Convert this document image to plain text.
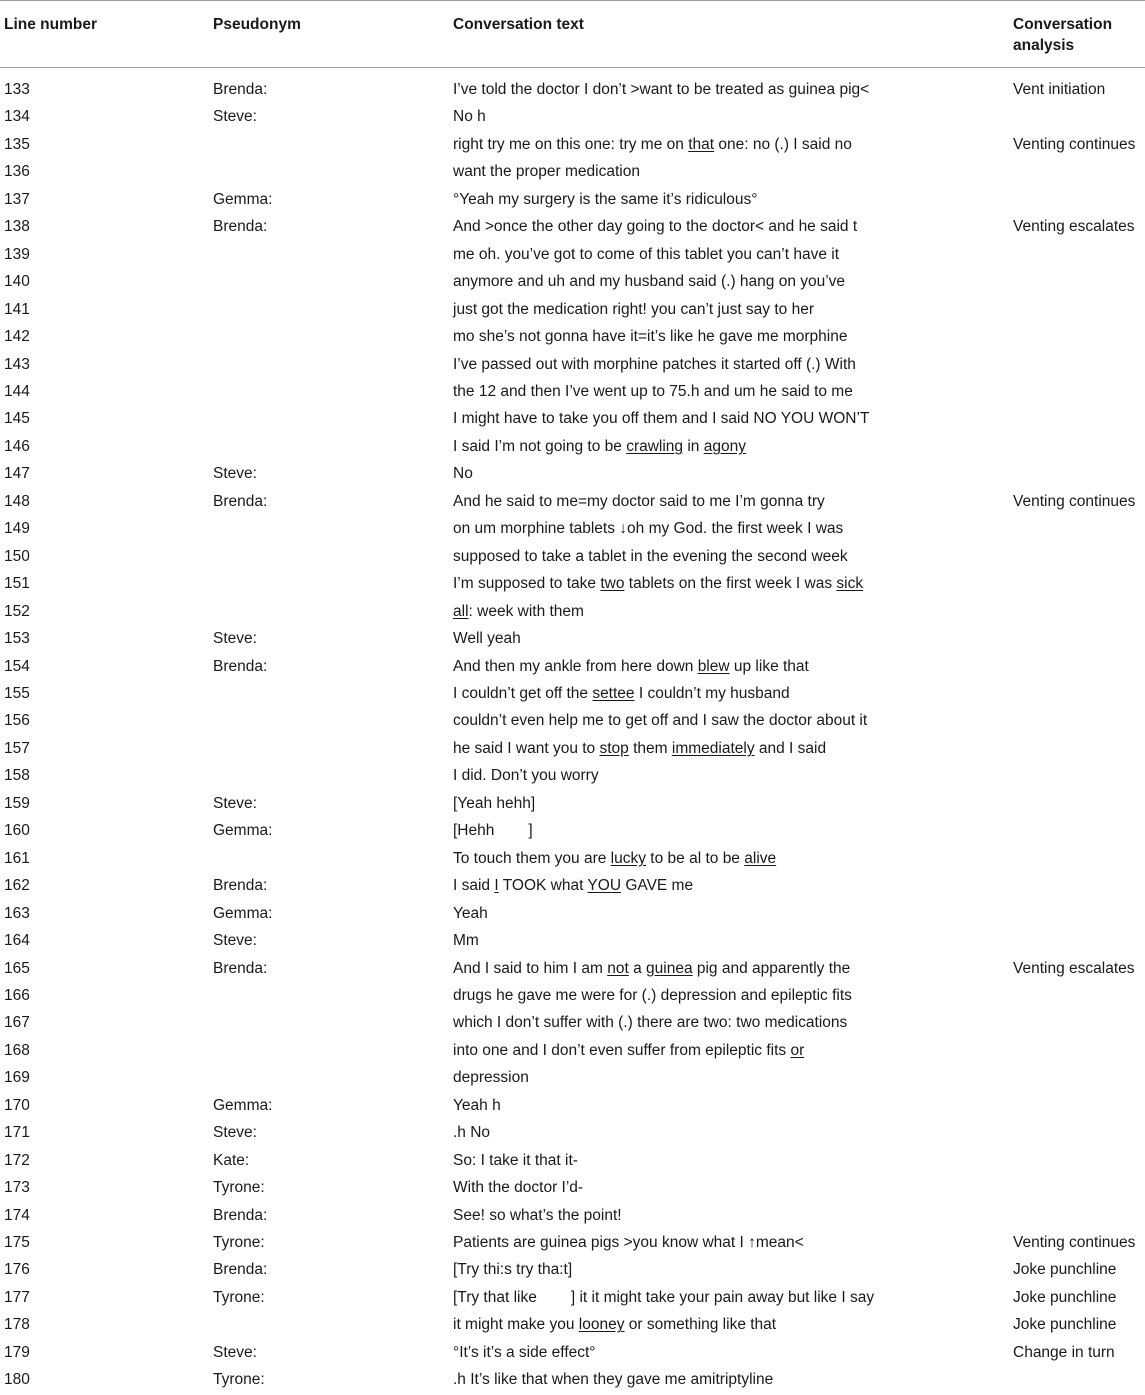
Line number	Pseudonym	Conversation text	Conversation analysis
133	Brenda:	I’ve told the doctor I don’t >want to be treated as guinea pig<	Vent initiation
134	Steve:	No h	
135		right try me on this one: try me on that one: no (.) I said no	Venting continues
136		want the proper medication	
137	Gemma:	°Yeah my surgery is the same it’s ridiculous°	
138	Brenda:	And >once the other day going to the doctor< and he said t	Venting escalates
139		me oh. you’ve got to come of this tablet you can’t have it	
140		anymore and uh and my husband said (.) hang on you’ve	
141		just got the medication right! you can’t just say to her	
142		mo she’s not gonna have it=it’s like he gave me morphine	
143		I’ve passed out with morphine patches it started off (.) With	
144		the 12 and then I’ve went up to 75.h and um he said to me	
145		I might have to take you off them and I said NO YOU WON’T	
146		I said I’m not going to be crawling in agony	
147	Steve:	No	
148	Brenda:	And he said to me=my doctor said to me I’m gonna try	Venting continues
149		on um morphine tablets ↓oh my God. the first week I was	
150		supposed to take a tablet in the evening the second week	
151		I’m supposed to take two tablets on the first week I was sick	
152		all: week with them	
153	Steve:	Well yeah	
154	Brenda:	And then my ankle from here down blew up like that	
155		I couldn’t get off the settee I couldn’t my husband	
156		couldn’t even help me to get off and I saw the doctor about it	
157		he said I want you to stop them immediately and I said	
158		I did. Don’t you worry	
159	Steve:	[Yeah hehh]	
160	Gemma:	[Hehh ]	
161		To touch them you are lucky to be al to be alive	
162	Brenda:	I said I TOOK what YOU GAVE me	
163	Gemma:	Yeah	
164	Steve:	Mm	
165	Brenda:	And I said to him I am not a guinea pig and apparently the	Venting escalates
166		drugs he gave me were for (.) depression and epileptic fits	
167		which I don’t suffer with (.) there are two: two medications	
168		into one and I don’t even suffer from epileptic fits or	
169		depression	
170	Gemma:	Yeah h	
171	Steve:	.h No	
172	Kate:	So: I take it that it-	
173	Tyrone:	With the doctor I’d-	
174	Brenda:	See! so what’s the point!	
175	Tyrone:	Patients are guinea pigs >you know what I ↑mean<	Venting continues
176	Brenda:	[Try thi:s try tha:t]	Joke punchline
177	Tyrone:	[Try that like ] it it might take your pain away but like I say	Joke punchline
178		it might make you looney or something like that	Joke punchline
179	Steve:	°It’s it’s a side effect°	Change in turn
180	Tyrone:	.h It’s like that when they gave me amitriptyline	
